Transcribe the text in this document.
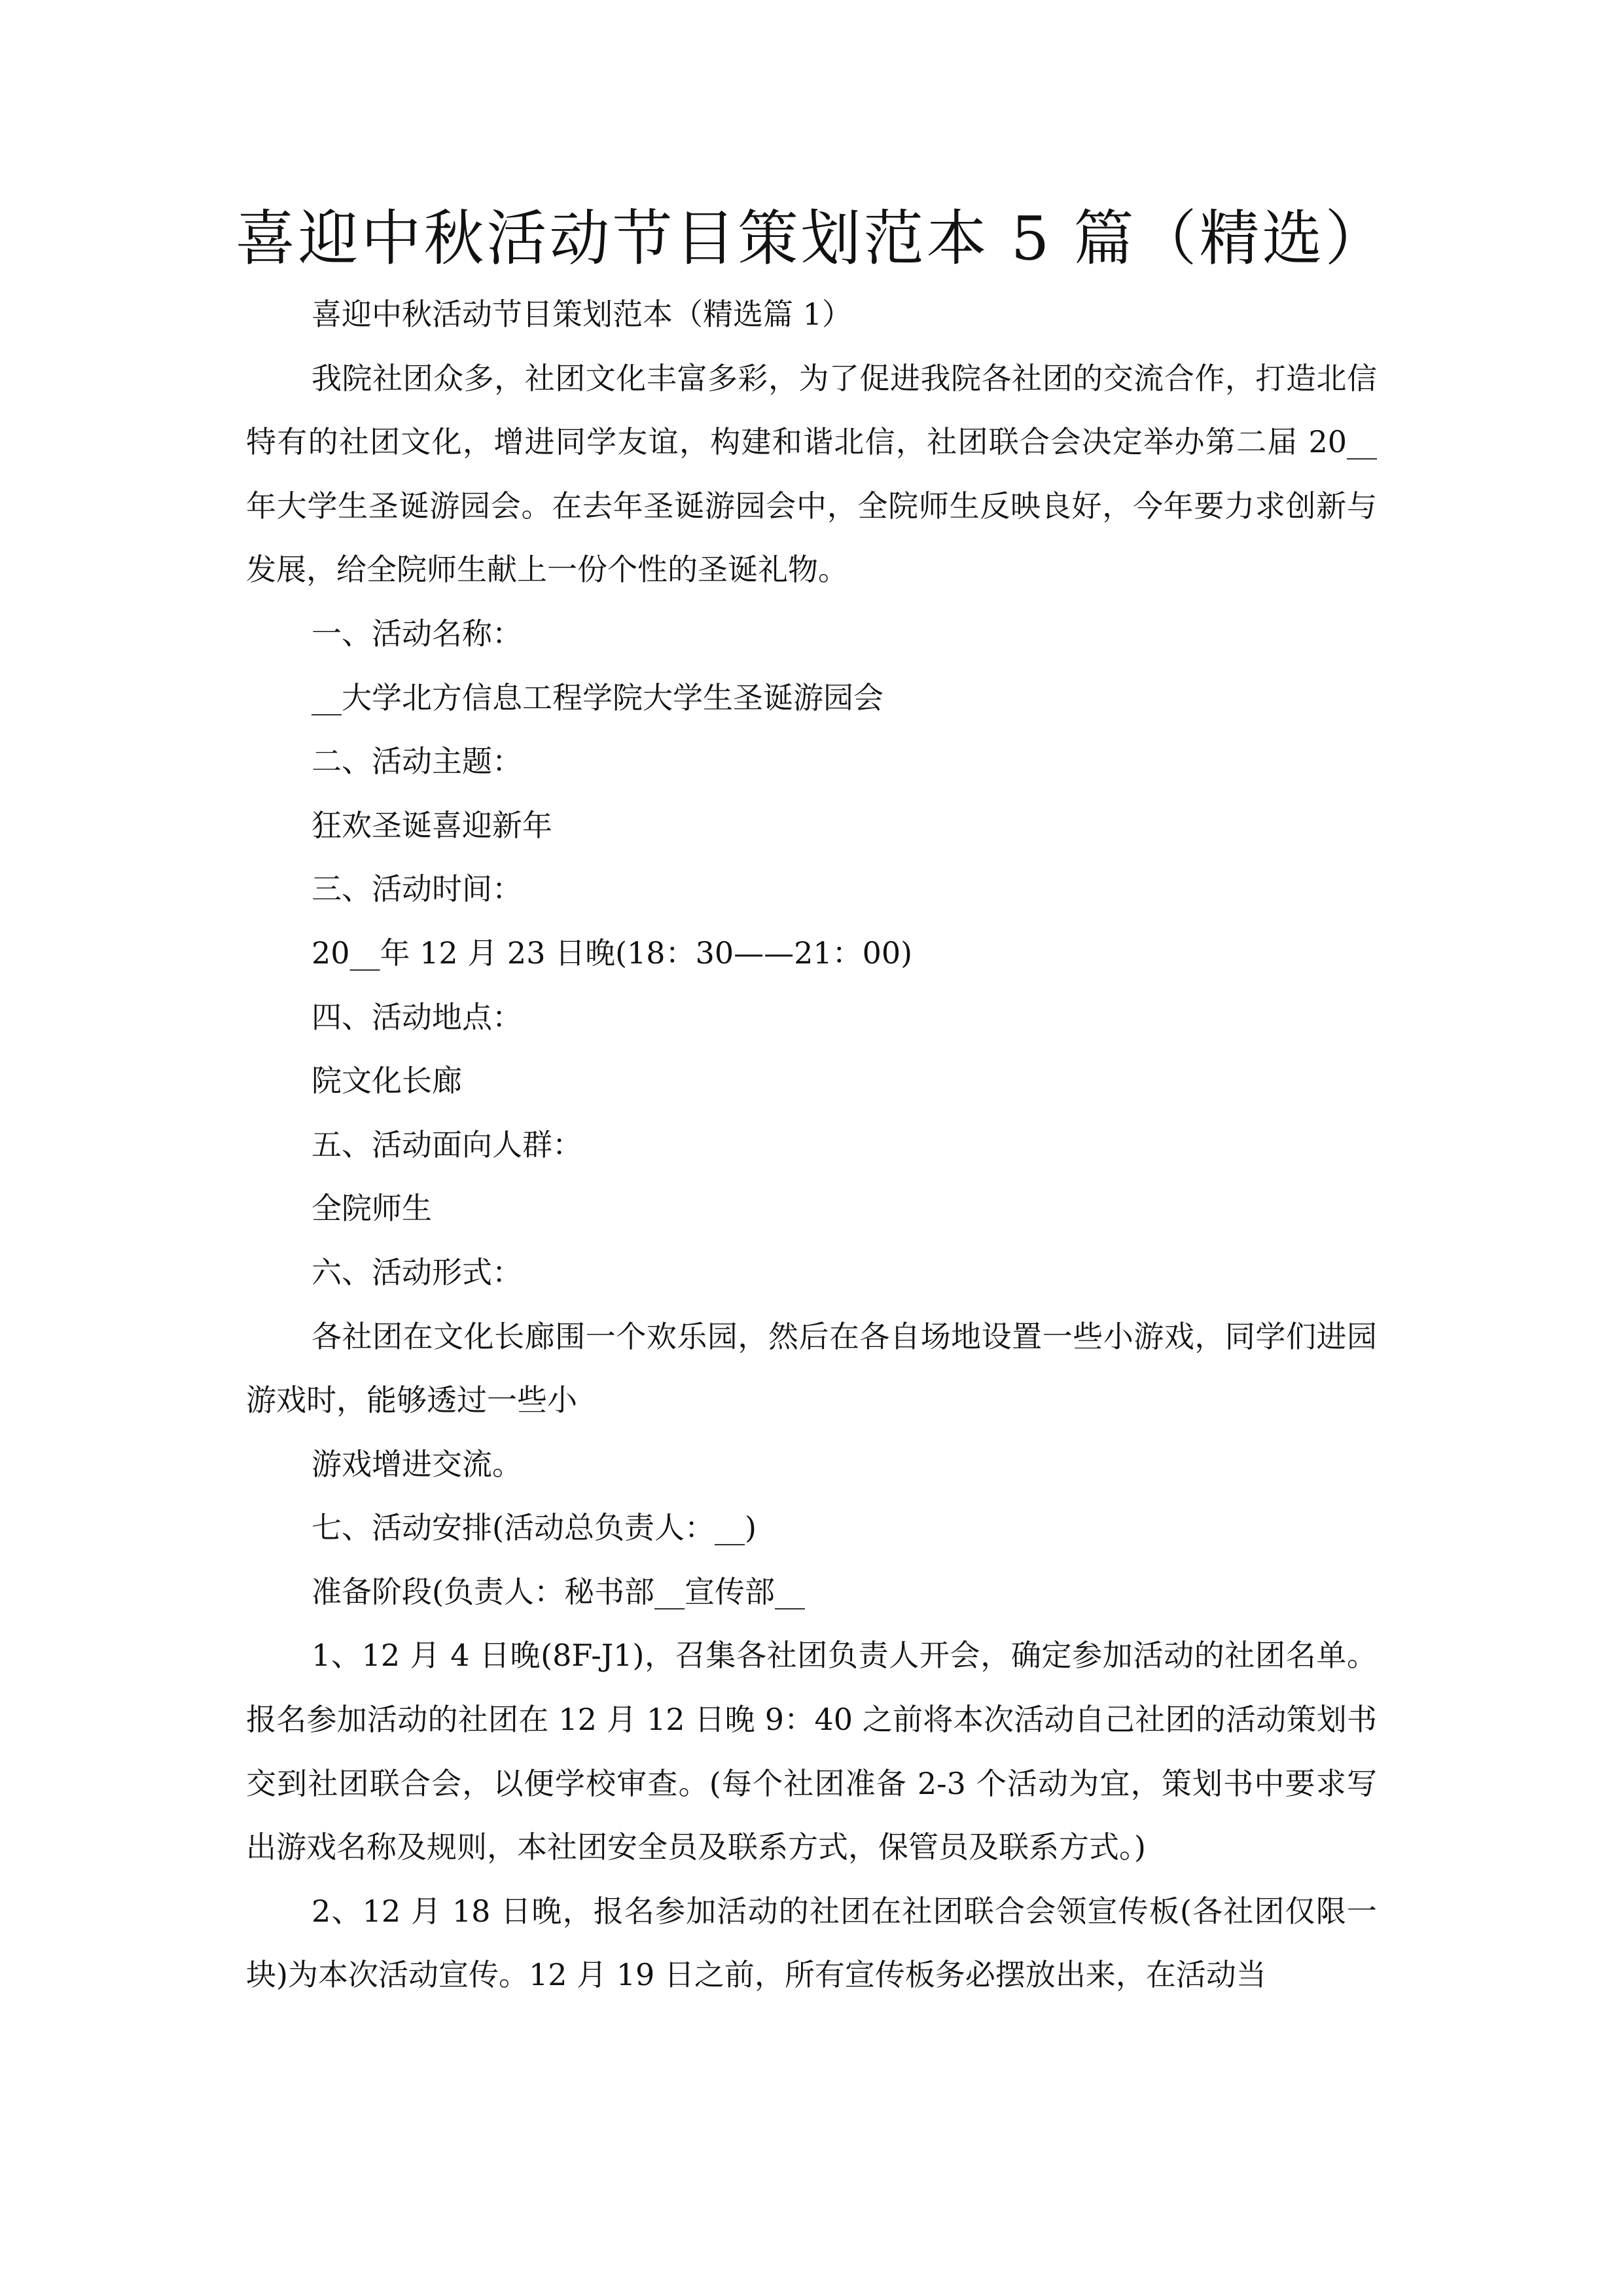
喜迎中秋活动节目策划范本 5 篇（精选）

喜迎中秋活动节目策划范本（精选篇 1）

我院社团众多，社团文化丰富多彩，为了促进我院各社团的交流合作，打造北信特有的社团文化，增进同学友谊，构建和谐北信，社团联合会决定举办第二届 20__年大学生圣诞游园会。在去年圣诞游园会中，全院师生反映良好，今年要力求创新与发展，给全院师生献上一份个性的圣诞礼物。

一、活动名称：

__大学北方信息工程学院大学生圣诞游园会

二、活动主题：

狂欢圣诞喜迎新年

三、活动时间：

20__年 12 月 23 日晚(18：30——21：00)

四、活动地点：

院文化长廊

五、活动面向人群：

全院师生

六、活动形式：

各社团在文化长廊围一个欢乐园，然后在各自场地设置一些小游戏，同学们进园游戏时，能够透过一些小

游戏增进交流。

七、活动安排(活动总负责人：__)

准备阶段(负责人：秘书部__宣传部__

1、12 月 4 日晚(8F-J1)，召集各社团负责人开会，确定参加活动的社团名单。报名参加活动的社团在 12 月 12 日晚 9：40 之前将本次活动自己社团的活动策划书交到社团联合会，以便学校审查。(每个社团准备 2-3 个活动为宜，策划书中要求写出游戏名称及规则，本社团安全员及联系方式，保管员及联系方式。)

2、12 月 18 日晚，报名参加活动的社团在社团联合会领宣传板(各社团仅限一块)为本次活动宣传。12 月 19 日之前，所有宣传板务必摆放出来，在活动当
